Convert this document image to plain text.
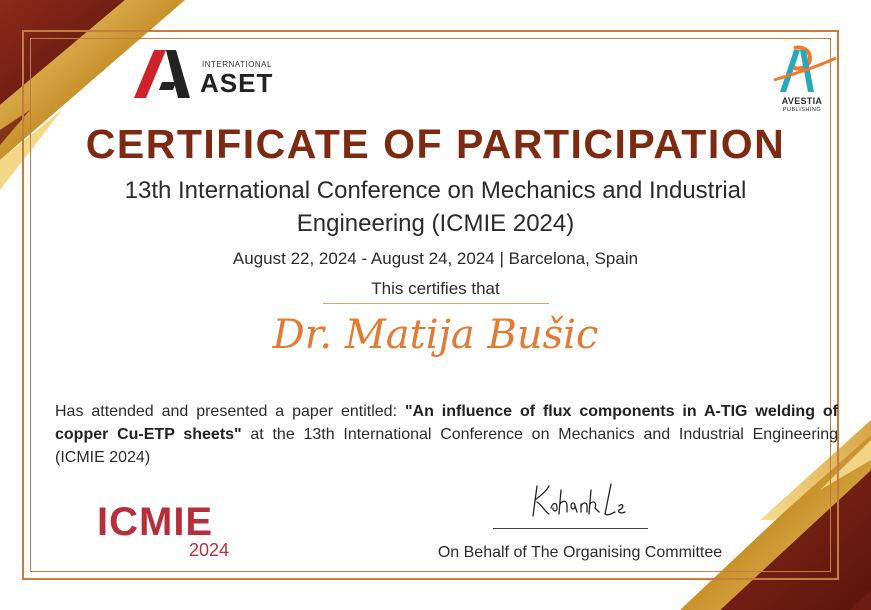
INTERNATIONAL
ASET
AVESTIA
PUBLISHING
CERTIFICATE OF PARTICIPATION
13th International Conference on Mechanics and Industrial Engineering (ICMIE 2024)
August 22, 2024 - August 24, 2024 | Barcelona, Spain
This certifies that
Dr. Matija Bušic
Has attended and presented a paper entitled: "An influence of flux components in A-TIG welding of copper Cu-ETP sheets" at the 13th International Conference on Mechanics and Industrial Engineering (ICMIE 2024)
ICMIE
2024	On Behalf of The Organising Committee
